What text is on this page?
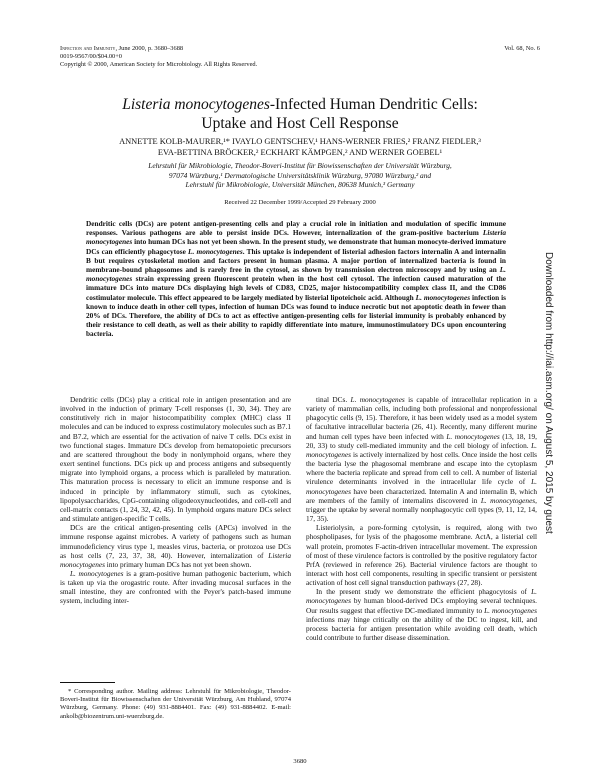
Infection and Immunity, June 2000, p. 3680–3688
0019-9567/00/$04.00+0
Copyright © 2000, American Society for Microbiology. All Rights Reserved.
Vol. 68, No. 6
Listeria monocytogenes-Infected Human Dendritic Cells:
Uptake and Host Cell Response
ANNETTE KOLB-MAURER,¹* IVAYLO GENTSCHEV,¹ HANS-WERNER FRIES,² FRANZ FIEDLER,³
EVA-BETTINA BRÖCKER,² ECKHART KÄMPGEN,² AND WERNER GOEBEL¹
Lehrstuhl für Mikrobiologie, Theodor-Boveri-Institut für Biowissenschaften der Universität Würzburg,
97074 Würzburg,¹ Dermatologische Universitätsklinik Würzburg, 97080 Würzburg,² and
Lehrstuhl für Mikrobiologie, Universität München, 80638 Munich,³ Germany
Received 22 December 1999/Accepted 29 February 2000
Dendritic cells (DCs) are potent antigen-presenting cells and play a crucial role in initiation and modulation of specific immune responses. Various pathogens are able to persist inside DCs. However, internalization of the gram-positive bacterium Listeria monocytogenes into human DCs has not yet been shown. In the present study, we demonstrate that human monocyte-derived immature DCs can efficiently phagocytose L. monocytogenes. This uptake is independent of listerial adhesion factors internalin A and internalin B but requires cytoskeletal motion and factors present in human plasma. A major portion of internalized bacteria is found in membrane-bound phagosomes and is rarely free in the cytosol, as shown by transmission electron microscopy and by using an L. monocytogenes strain expressing green fluorescent protein when in the host cell cytosol. The infection caused maturation of the immature DCs into mature DCs displaying high levels of CD83, CD25, major histocompatibility complex class II, and the CD86 costimulator molecule. This effect appeared to be largely mediated by listerial lipoteichoic acid. Although L. monocytogenes infection is known to induce death in other cell types, infection of human DCs was found to induce necrotic but not apoptotic death in fewer than 20% of DCs. Therefore, the ability of DCs to act as effective antigen-presenting cells for listerial immunity is probably enhanced by their resistance to cell death, as well as their ability to rapidly differentiate into mature, immunostimulatory DCs upon encountering bacteria.

Dendritic cells (DCs) play a critical role in antigen presentation and are involved in the induction of primary T-cell responses (1, 30, 34). They are constitutively rich in major histocompatibility complex (MHC) class II molecules and can be induced to express costimulatory molecules such as B7.1 and B7.2, which are essential for the activation of naive T cells. DCs exist in two functional stages. Immature DCs develop from hematopoietic precursors and are scattered throughout the body in nonlymphoid organs, where they exert sentinel functions. DCs pick up and process antigens and subsequently migrate into lymphoid organs, a process which is paralleled by maturation. This maturation process is necessary to elicit an immune response and is induced in principle by inflammatory stimuli, such as cytokines, lipopolysaccharides, CpG-containing oligodeoxynucleotides, and cell-cell and cell-matrix contacts (1, 24, 32, 42, 45). In lymphoid organs mature DCs select and stimulate antigen-specific T cells.

DCs are the critical antigen-presenting cells (APCs) involved in the immune response against microbes. A variety of pathogens such as human immunodeficiency virus type 1, measles virus, bacteria, or protozoa use DCs as host cells (7, 23, 37, 38, 40). However, internalization of Listeria monocytogenes into primary human DCs has not yet been shown.

L. monocytogenes is a gram-positive human pathogenic bacterium, which is taken up via the orogastric route. After invading mucosal surfaces in the small intestine, they are confronted with the Peyer's patch-based immune system, including inter-

tinal DCs. L. monocytogenes is capable of intracellular replication in a variety of mammalian cells, including both professional and nonprofessional phagocytic cells (9, 15). Therefore, it has been widely used as a model system of facultative intracellular bacteria (26, 41). Recently, many different murine and human cell types have been infected with L. monocytogenes (13, 18, 19, 20, 33) to study cell-mediated immunity and the cell biology of infection. L. monocytogenes is actively internalized by host cells. Once inside the host cells the bacteria lyse the phagosomal membrane and escape into the cytoplasm where the bacteria replicate and spread from cell to cell. A number of listerial virulence determinants involved in the intracellular life cycle of L. monocytogenes have been characterized. Internalin A and internalin B, which are members of the family of internalins discovered in L. monocytogenes, trigger the uptake by several normally nonphagocytic cell types (9, 11, 12, 14, 17, 35).

Listeriolysin, a pore-forming cytolysin, is required, along with two phospholipases, for lysis of the phagosome membrane. ActA, a listerial cell wall protein, promotes F-actin-driven intracellular movement. The expression of most of these virulence factors is controlled by the positive regulatory factor PrfA (reviewed in reference 26). Bacterial virulence factors are thought to interact with host cell components, resulting in specific transient or persistent activation of host cell signal transduction pathways (27, 28).

In the present study we demonstrate the efficient phagocytosis of L. monocytogenes by human blood-derived DCs employing several techniques. Our results suggest that effective DC-mediated immunity to L. monocytogenes infections may hinge critically on the ability of the DC to ingest, kill, and process bacteria for antigen presentation while avoiding cell death, which could contribute to further disease dissemination.

* Corresponding author. Mailing address: Lehrstuhl für Mikrobiologie, Theodor-Boveri-Institut für Biowissenschaften der Universität Würzburg, Am Hubland, 97074 Würzburg, Germany. Phone: (49) 931-8884401. Fax: (49) 931-8884402. E-mail: ankolb@biozentrum.uni-wuerzburg.de.
3680
Downloaded from http://iai.asm.org/ on August 5, 2015 by guest
